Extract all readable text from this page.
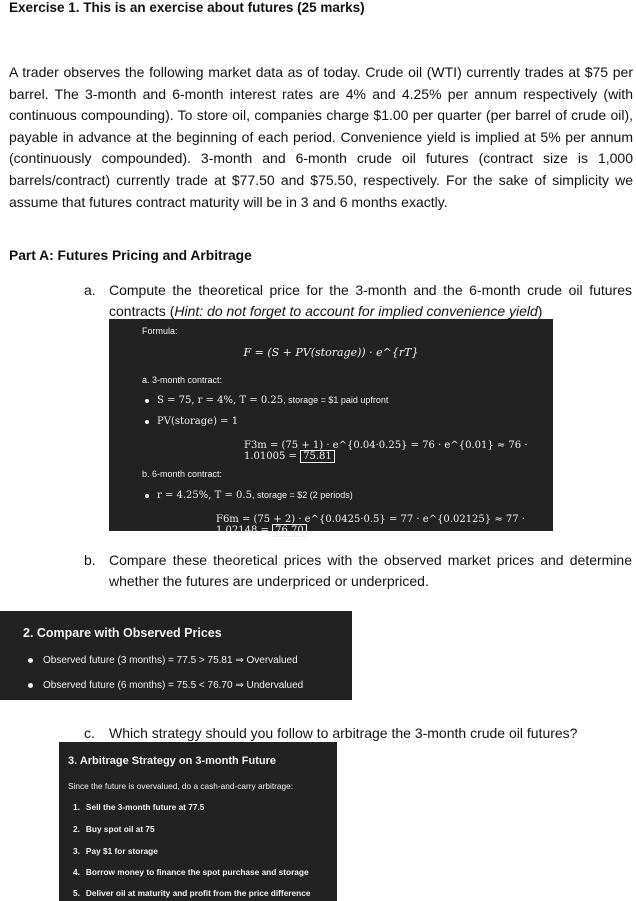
Exercise 1. This is an exercise about futures (25 marks)
A trader observes the following market data as of today. Crude oil (WTI) currently trades at $75 per barrel. The 3-month and 6-month interest rates are 4% and 4.25% per annum respectively (with continuous compounding). To store oil, companies charge $1.00 per quarter (per barrel of crude oil), payable in advance at the beginning of each period. Convenience yield is implied at 5% per annum (continuously compounded). 3-month and 6-month crude oil futures (contract size is 1,000 barrels/contract) currently trade at $77.50 and $75.50, respectively. For the sake of simplicity we assume that futures contract maturity will be in 3 and 6 months exactly.
Part A: Futures Pricing and Arbitrage
a. Compute the theoretical price for the 3-month and the 6-month crude oil futures contracts (Hint: do not forget to account for implied convenience yield)
Formula:
F = (S + PV(storage)) · e^{rT}
a. 3-month contract:
S = 75, r = 4%, T = 0.25, storage = $1 paid upfront
PV(storage) = 1
F3m = (75 + 1) · e^{0.04·0.25} = 76 · e^{0.01} ≈ 76 · 1.01005 = 75.81
b. 6-month contract:
r = 4.25%, T = 0.5, storage = $2 (2 periods)
F6m = (75 + 2) · e^{0.0425·0.5} = 77 · e^{0.02125} ≈ 77 · 1.02148 = 76.70
b. Compare these theoretical prices with the observed market prices and determine whether the futures are underpriced or underpriced.
2. Compare with Observed Prices
Observed future (3 months) = 77.5 > 75.81 ⇒ Overvalued
Observed future (6 months) = 75.5 < 76.70 ⇒ Undervalued
c. Which strategy should you follow to arbitrage the 3-month crude oil futures?
3. Arbitrage Strategy on 3-month Future
Since the future is overvalued, do a cash-and-carry arbitrage:
1. Sell the 3-month future at 77.5
2. Buy spot oil at 75
3. Pay $1 for storage
4. Borrow money to finance the spot purchase and storage
5. Deliver oil at maturity and profit from the price difference
